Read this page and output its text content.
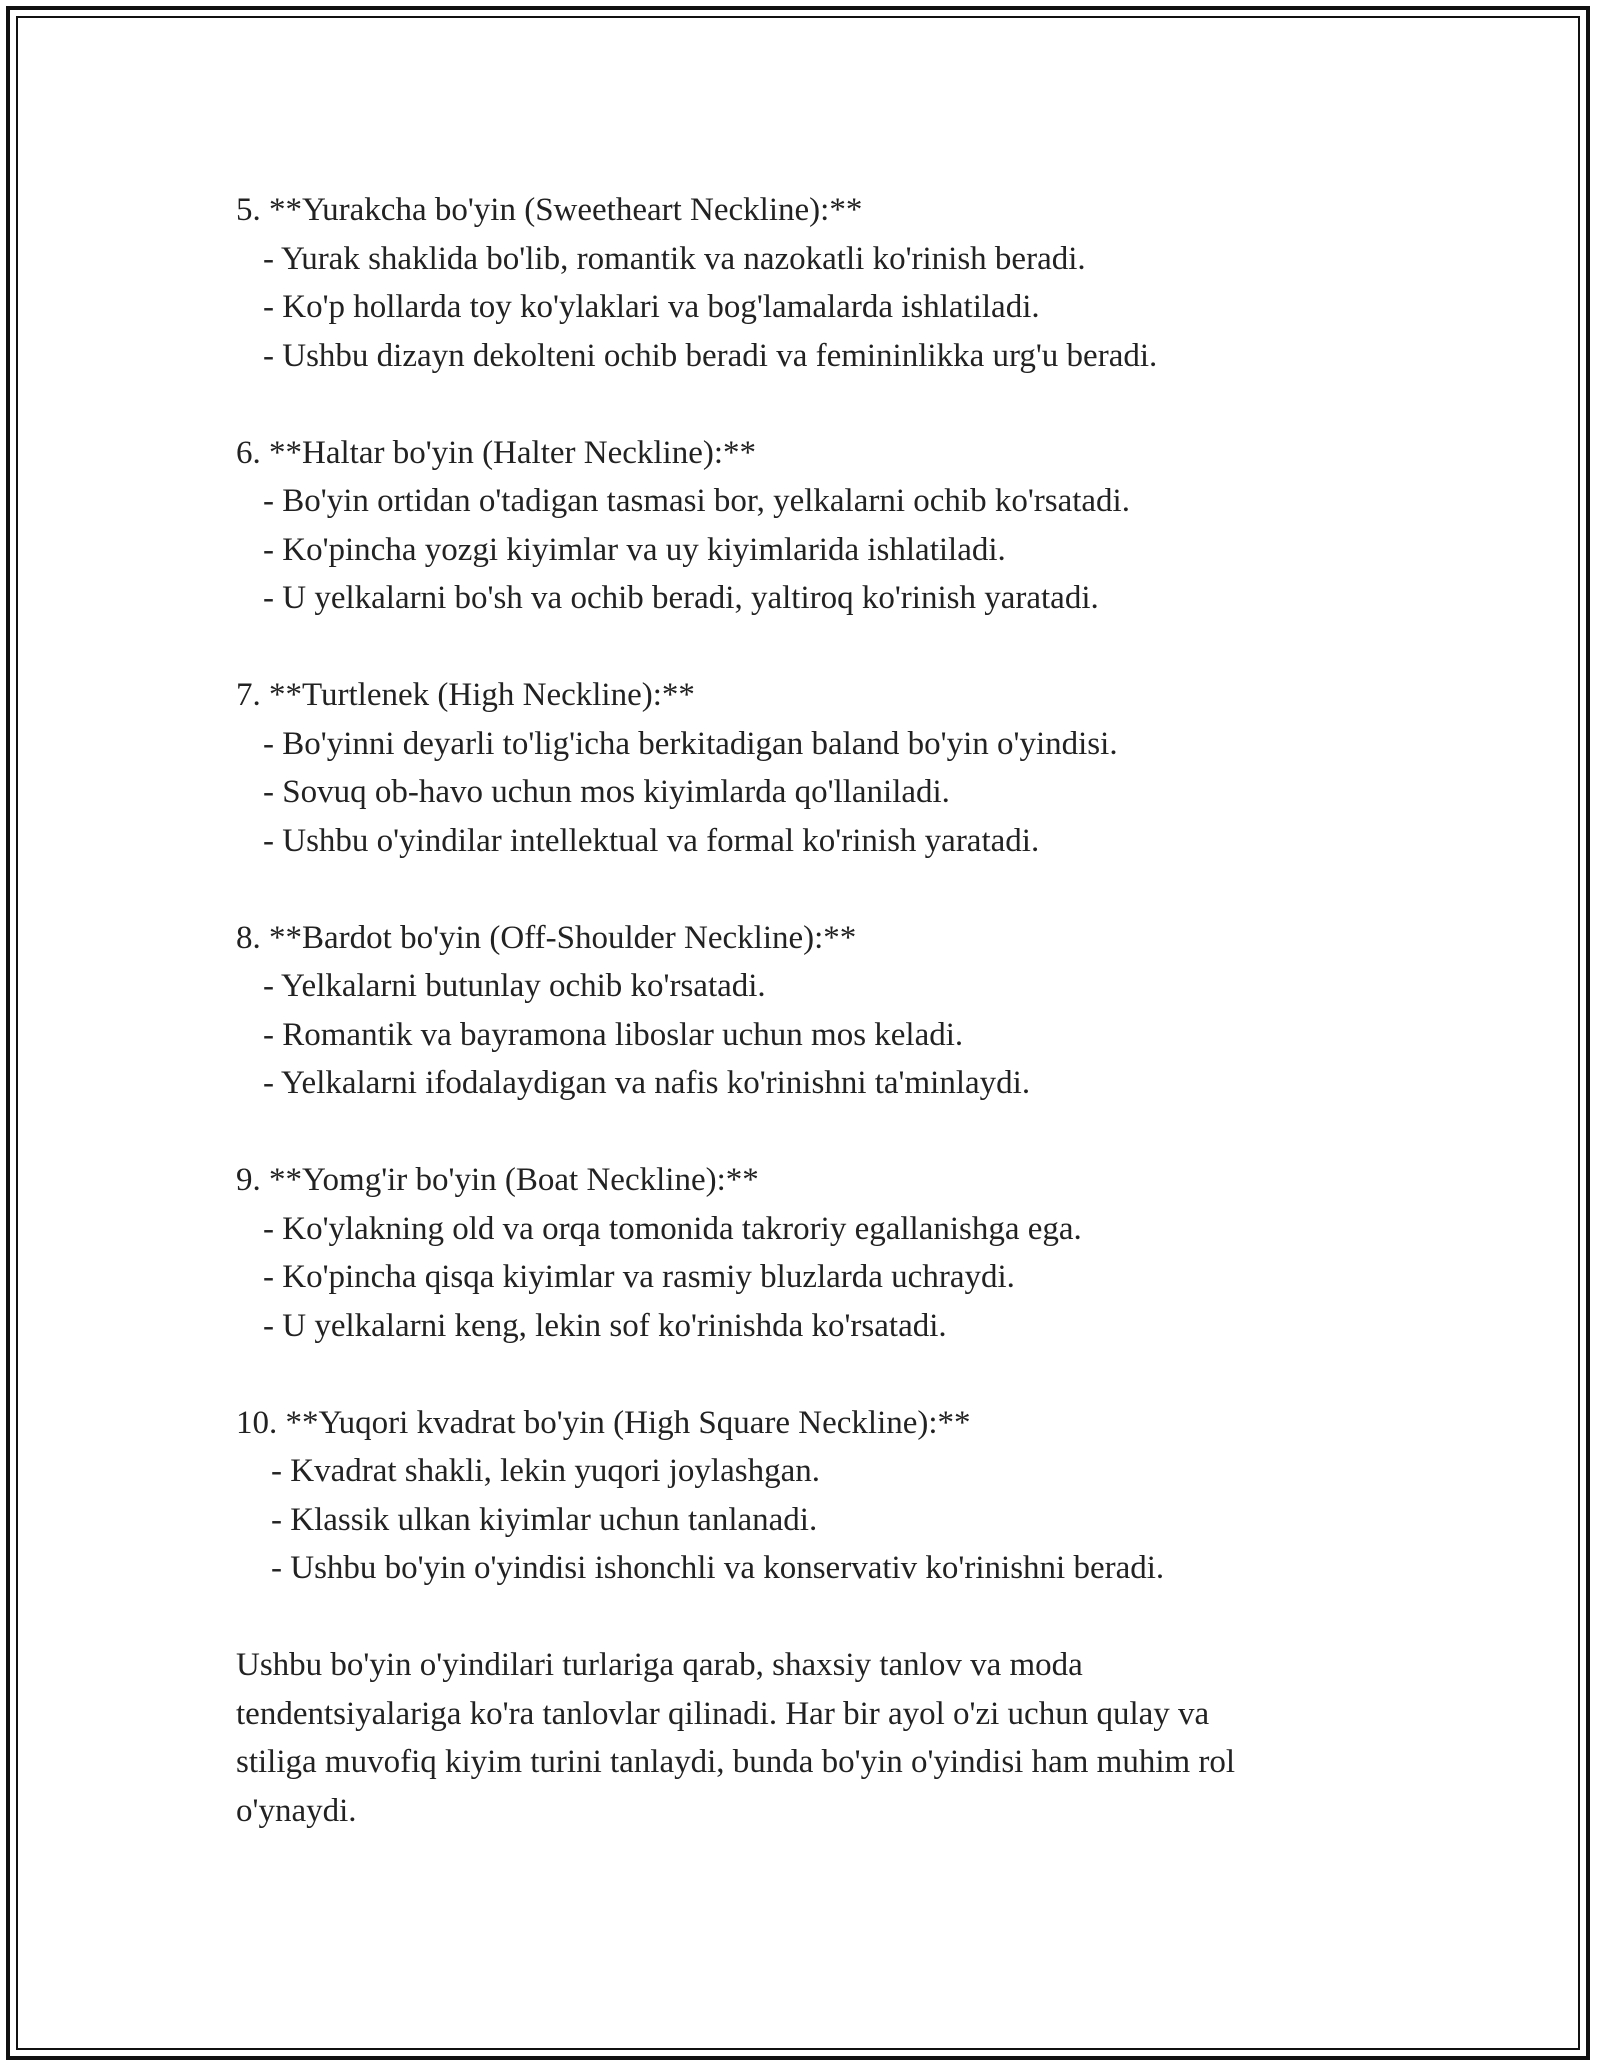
5. **Yurakcha bo'yin (Sweetheart Neckline):**
- Yurak shaklida bo'lib, romantik va nazokatli ko'rinish beradi.
- Ko'p hollarda toy ko'ylaklari va bog'lamalarda ishlatiladi.
- Ushbu dizayn dekolteni ochib beradi va femininlikka urg'u beradi.
6. **Haltar bo'yin (Halter Neckline):**
- Bo'yin ortidan o'tadigan tasmasi bor, yelkalarni ochib ko'rsatadi.
- Ko'pincha yozgi kiyimlar va uy kiyimlarida ishlatiladi.
- U yelkalarni bo'sh va ochib beradi, yaltiroq ko'rinish yaratadi.
7. **Turtlenek (High Neckline):**
- Bo'yinni deyarli to'lig'icha berkitadigan baland bo'yin o'yindisi.
- Sovuq ob-havo uchun mos kiyimlarda qo'llaniladi.
- Ushbu o'yindilar intellektual va formal ko'rinish yaratadi.
8. **Bardot bo'yin (Off-Shoulder Neckline):**
- Yelkalarni butunlay ochib ko'rsatadi.
- Romantik va bayramona liboslar uchun mos keladi.
- Yelkalarni ifodalaydigan va nafis ko'rinishni ta'minlaydi.
9. **Yomg'ir bo'yin (Boat Neckline):**
- Ko'ylakning old va orqa tomonida takroriy egallanishga ega.
- Ko'pincha qisqa kiyimlar va rasmiy bluzlarda uchraydi.
- U yelkalarni keng, lekin sof ko'rinishda ko'rsatadi.
10. **Yuqori kvadrat bo'yin (High Square Neckline):**
- Kvadrat shakli, lekin yuqori joylashgan.
- Klassik ulkan kiyimlar uchun tanlanadi.
- Ushbu bo'yin o'yindisi ishonchli va konservativ ko'rinishni beradi.
Ushbu bo'yin o'yindilari turlariga qarab, shaxsiy tanlov va moda
tendentsiyalariga ko'ra tanlovlar qilinadi. Har bir ayol o'zi uchun qulay va
stiliga muvofiq kiyim turini tanlaydi, bunda bo'yin o'yindisi ham muhim rol
o'ynaydi.
